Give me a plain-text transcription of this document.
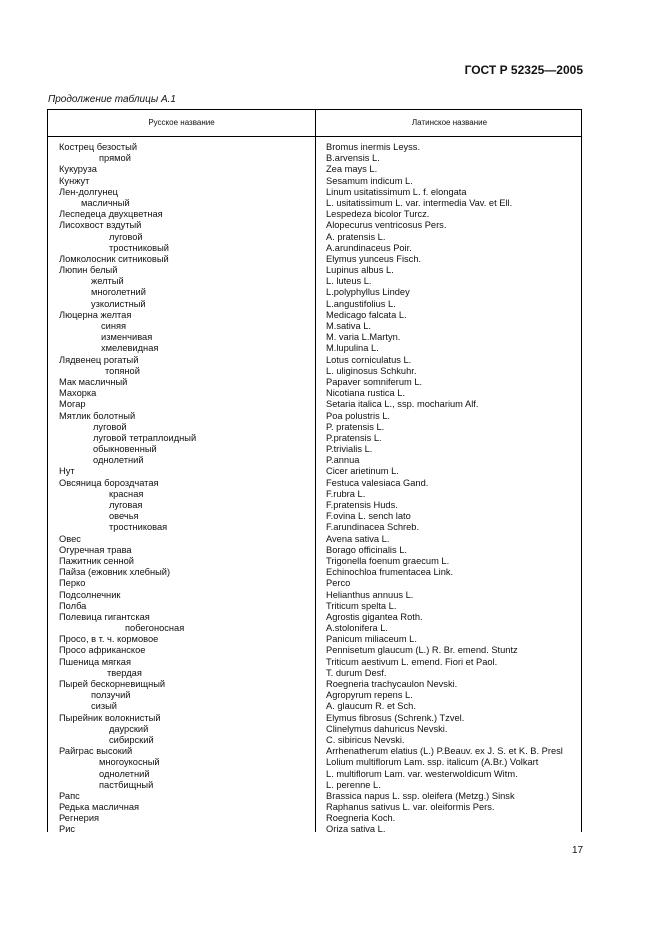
ГОСТ Р 52325—2005
Продолжение таблицы А.1
Русское название	Латинское название
Кострец безостый	Bromus inermis Leyss.
прямой	B.arvensis L.
Кукуруза	Zea mays L.
Кунжут	Sesamum indicum L.
Лен-долгунец	Linum usitatissimum L. f. elongata
масличный	L. usitatissimum L. var. intermedia Vav. et Ell.
Леспедеца двухцветная	Lespedeza bicolor Turcz.
Лисохвост вздутый	Alopecurus ventricosus Pers.
луговой	A. pratensis L.
тростниковый	A.arundinaceus Poir.
Ломколосник ситниковый	Elymus yunceus Fisch.
Люпин белый	Lupinus albus L.
желтый	L. luteus L.
многолетний	L.polyphyllus Lindey
узколистный	L.angustifolius L.
Люцерна желтая	Medicago falcata L.
синяя	M.sativa L.
изменчивая	M. varia L.Martyn.
хмелевидная	M.lupulina L.
Лядвенец рогатый	Lotus corniculatus L.
топяной	L. uliginosus Schkuhr.
Мак масличный	Papaver somniferum L.
Махорка	Nicotiana rustica L.
Могар	Setaria italica L., ssp. mocharium Alf.
Мятлик болотный	Poa polustris L.
луговой	P. pratensis L.
луговой тетраплоидный	P.pratensis L.
обыкновенный	P.trivialis L.
однолетний	P.annua
Нут	Cicer arietinum L.
Овсяница бороздчатая	Festuca valesiaca Gand.
красная	F.rubra L.
луговая	F.pratensis Huds.
овечья	F.ovina L. sench lato
тростниковая	F.arundinacea Schreb.
Овес	Avena sativa L.
Огуречная трава	Borago officinalis L.
Пажитник сенной	Trigonella foenum graecum L.
Пайза (ежовник хлебный)	Echinochloa frumentacea Link.
Перко	Perco
Подсолнечник	Helianthus annuus L.
Полба	Triticum spelta L.
Полевица гигантская	Agrostis gigantea Roth.
побегоносная	A.stolonifera L.
Просо, в т. ч. кормовое	Panicum miliaceum L.
Просо африканское	Pennisetum glaucum (L.) R. Br. emend. Stuntz
Пшеница мягкая	Triticum aestivum L. emend. Fiori et Paol.
твердая	T. durum Desf.
Пырей бескорневищный	Roegneria trachycaulon Nevski.
ползучий	Agropyrum repens L.
сизый	A. glaucum R. et Sch.
Пырейник волокнистый	Elymus fibrosus (Schrenk.) Tzvel.
даурский	Clinelymus dahuricus Nevski.
сибирский	C. sibiricus Nevski.
Райграс высокий	Arrhenatherum elatius (L.) P.Beauv. ex J. S. et K. B. Presl
многоукосный	Lolium multiflorum Lam. ssp. italicum (A.Br.) Volkart
однолетний	L. multiflorum Lam. var. westerwoldicum Witm.
пастбищный	L. perenne L.
Рапс	Brassica napus L. ssp. oleifera (Metzg.) Sinsk
Редька масличная	Raphanus sativus L. var. oleiformis Pers.
Регнерия	Roegneria Koch.
Рис	Oriza sativa L.
17
